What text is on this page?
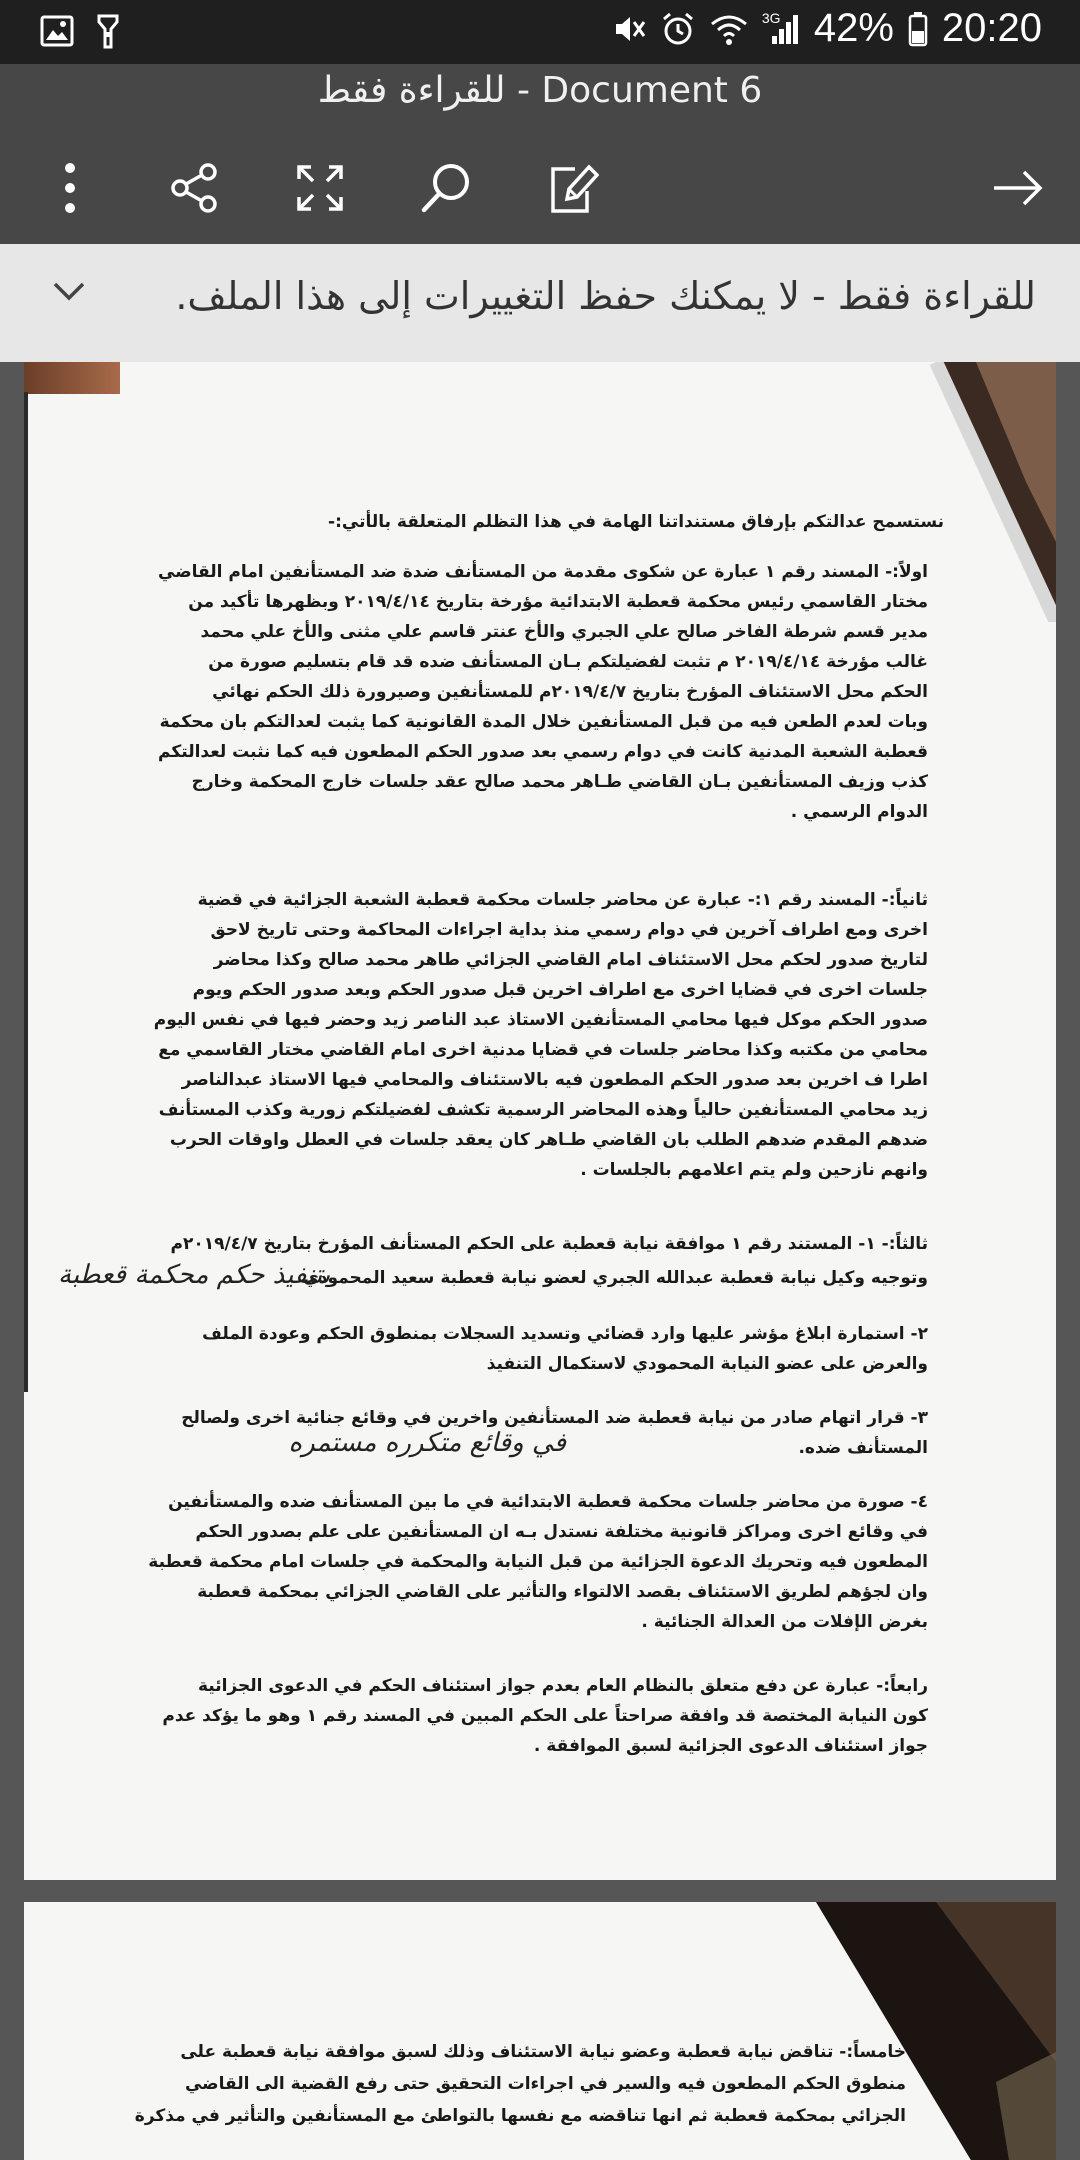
3G 42% 20:20
للقراءة فقط - Document 6
للقراءة فقط - لا يمكنك حفظ التغييرات إلى هذا الملف.
نستسمح عدالتكم بإرفاق مستنداتنا الهامة في هذا التظلم المتعلقة بالأتي:-
اولاً:- المسند رقم ١ عبارة عن شكوى مقدمة من المستأنف ضدة ضد المستأنفين امام القاضي
مختار القاسمي رئيس محكمة قعطبة الابتدائية مؤرخة بتاريخ ٢٠١٩/٤/١٤ وبظهرها تأكيد من
مدير قسم شرطة الفاخر صالح علي الجبري والأخ عنتر قاسم علي مثنى والأخ علي محمد
غالب مؤرخة ٢٠١٩/٤/١٤ م تثبت لفضيلتكم بـان المستأنف ضده قد قام بتسليم صورة من
الحكم محل الاستئناف المؤرخ بتاريخ ٢٠١٩/٤/٧م للمستأنفين وصيرورة ذلك الحكم نهائي
وبات لعدم الطعن فيه من قبل المستأنفين خلال المدة القانونية كما يثبت لعدالتكم بان محكمة
قعطبة الشعبة المدنية كانت في دوام رسمي بعد صدور الحكم المطعون فيه كما نثبت لعدالتكم
كذب وزيف المستأنفين بـان القاضي طـاهر محمد صالح عقد جلسات خارج المحكمة وخارج
الدوام الرسمي .
ثانياً:- المسند رقم ١:- عبارة عن محاضر جلسات محكمة قعطبة الشعبة الجزائية في قضية
اخرى ومع اطراف آخرين في دوام رسمي منذ بداية اجراءات المحاكمة وحتى تاريخ لاحق
لتاريخ صدور لحكم محل الاستئناف امام القاضي الجزائي طاهر محمد صالح وكذا محاضر
جلسات اخرى في قضايا اخرى مع اطراف اخرين قبل صدور الحكم وبعد صدور الحكم ويوم
صدور الحكم موكل فيها محامي المستأنفين الاستاذ عبد الناصر زيد وحضر فيها في نفس اليوم
محامي من مكتبه وكذا محاضر جلسات في قضايا مدنية اخرى امام القاضي مختار القاسمي مع
اطرا ف اخرين بعد صدور الحكم المطعون فيه بالاستئناف والمحامي فيها الاستاذ عبدالناصر
زيد محامي المستأنفين حالياً وهذه المحاضر الرسمية تكشف لفضيلتكم زورية وكذب المستأنف
ضدهم المقدم ضدهم الطلب بان القاضي طـاهر كان يعقد جلسات في العطل واوقات الحرب
وانهم نازحين ولم يتم اعلامهم بالجلسات .
ثالثاً:- ١- المستند رقم ١ موافقة نيابة قعطبة على الحكم المستأنف المؤرخ بتاريخ ٢٠١٩/٤/٧م
وتوجيه وكيل نيابة قعطبة عبدالله الجبري لعضو نيابة قعطبة سعيد المحمودي
بتنفيذ حكم محكمة قعطبة
٢- استمارة ابلاغ مؤشر عليها وارد قضائي وتسديد السجلات بمنطوق الحكم وعودة الملف
والعرض على عضو النيابة المحمودي لاستكمال التنفيذ
٣- قرار اتهام صادر من نيابة قعطبة ضد المستأنفين واخرين في وقائع جنائية اخرى ولصالح
المستأنف ضده.
في وقائع متكرره مستمره
٤- صورة من محاضر جلسات محكمة قعطبة الابتدائية في ما بين المستأنف ضده والمستأنفين
في وقائع اخرى ومراكز قانونية مختلفة نستدل بـه ان المستأنفين على علم بصدور الحكم
المطعون فيه وتحريك الدعوة الجزائية من قبل النيابة والمحكمة في جلسات امام محكمة قعطبة
وان لجؤهم لطريق الاستئناف بقصد الالتواء والتأثير على القاضي الجزائي بمحكمة قعطبة
بغرض الإفلات من العدالة الجنائية .
رابعاً:- عبارة عن دفع متعلق بالنظام العام بعدم جواز استئناف الحكم في الدعوى الجزائية
كون النيابة المختصة قد وافقة صراحتاً على الحكم المبين في المسند رقم ١ وهو ما يؤكد عدم
جواز استئناف الدعوى الجزائية لسبق الموافقة .
خامساً:- تناقض نيابة قعطبة وعضو نيابة الاستئناف وذلك لسبق موافقة نيابة قعطبة على
منطوق الحكم المطعون فيه والسير في اجراءات التحقيق حتى رفع القضية الى القاضي
الجزائي بمحكمة قعطبة ثم انها تناقضه مع نفسها بالتواطئ مع المستأنفين والتأثير في مذكرة
